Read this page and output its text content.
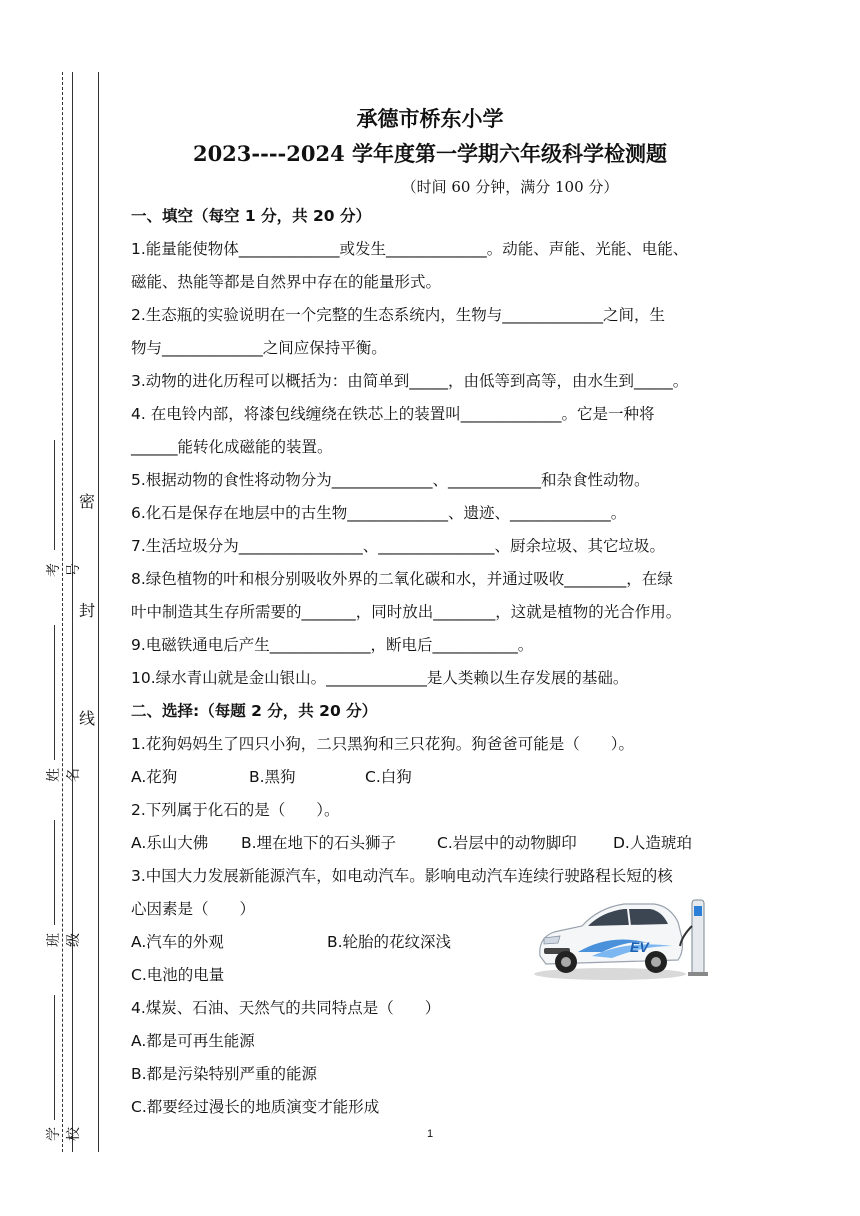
密
封
线
考号
姓名
班级
学校
承德市桥东小学
2023----2024 学年度第一学期六年级科学检测题
（时间 60 分钟，满分 100 分）

一、填空（每空 1 分，共 20 分）

1.能量能使物体_____________或发生_____________。动能、声能、光能、电能、

磁能、热能等都是自然界中存在的能量形式。

2.生态瓶的实验说明在一个完整的生态系统内，生物与_____________之间，生

物与_____________之间应保持平衡。

3.动物的进化历程可以概括为：由简单到_____，由低等到高等，由水生到_____。

4. 在电铃内部，将漆包线缠绕在铁芯上的装置叫_____________。它是一种将

______能转化成磁能的装置。

5.根据动物的食性将动物分为_____________、____________和杂食性动物。

6.化石是保存在地层中的古生物_____________、遗迹、_____________。

7.生活垃圾分为________________、_______________、厨余垃圾、其它垃圾。

8.绿色植物的叶和根分别吸收外界的二氧化碳和水，并通过吸收________，在绿

叶中制造其生存所需要的_______，同时放出________，这就是植物的光合作用。

9.电磁铁通电后产生_____________，断电后___________。

10.绿水青山就是金山银山。_____________是人类赖以生存发展的基础。

二、选择:（每题 2 分，共 20 分）

1.花狗妈妈生了四只小狗，二只黑狗和三只花狗。狗爸爸可能是（　　）。

A.花狗	B.黑狗	C.白狗

2.下列属于化石的是（　　）。

A.乐山大佛 B.埋在地下的石头狮子	C.岩层中的动物脚印 D.人造琥珀

3.中国大力发展新能源汽车，如电动汽车。影响电动汽车连续行驶路程长短的核

心因素是（　　）

A.汽车的外观	B.轮胎的花纹深浅

C.电池的电量

4.煤炭、石油、天然气的共同特点是（　　）

A.都是可再生能源

B.都是污染特别严重的能源

C.都要经过漫长的地质演变才能形成

EV
1
